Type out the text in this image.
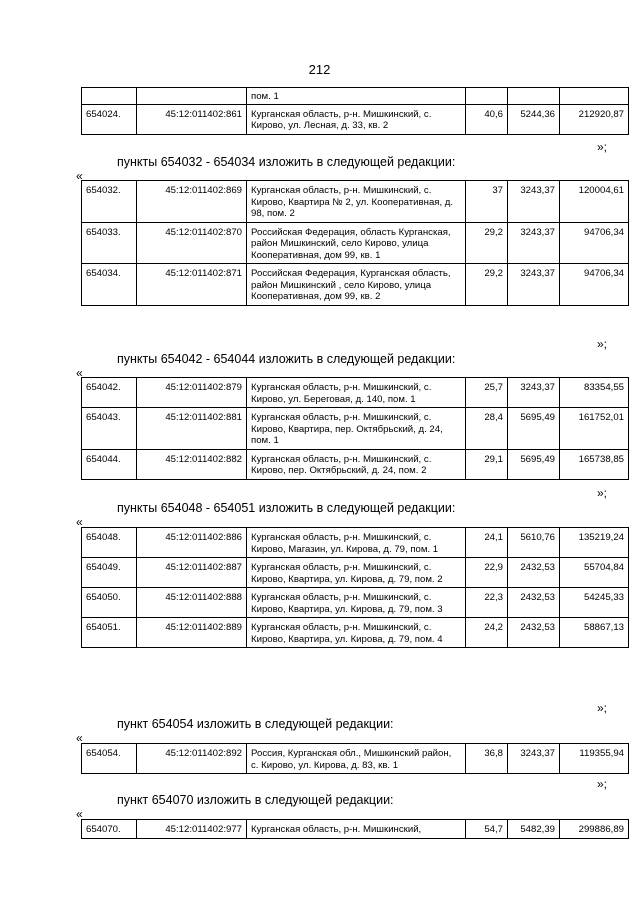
212
		пом. 1			
654024.	45:12:011402:861	Курганская область, р-н. Мишкинский, с. Кирово, ул. Лесная, д. 33, кв. 2	40,6	5244,36	212920,87
»;
пункты 654032 - 654034 изложить в следующей редакции:
«
654032.	45:12:011402:869	Курганская область, р-н. Мишкинский, с. Кирово, Квартира № 2, ул. Кооперативная, д. 98, пом. 2	37	3243,37	120004,61
654033.	45:12:011402:870	Российская Федерация, область Курганская, район Мишкинский, село Кирово, улица Кооперативная, дом 99, кв. 1	29,2	3243,37	94706,34
654034.	45:12:011402:871	Российская Федерация, Курганская область, район Мишкинский , село Кирово, улица Кооперативная, дом 99, кв. 2	29,2	3243,37	94706,34
»;
пункты 654042 - 654044 изложить в следующей редакции:
«
654042.	45:12:011402:879	Курганская область, р-н. Мишкинский, с. Кирово, ул. Береговая, д. 140, пом. 1	25,7	3243,37	83354,55
654043.	45:12:011402:881	Курганская область, р-н. Мишкинский, с. Кирово, Квартира, пер. Октябрьский, д. 24, пом. 1	28,4	5695,49	161752,01
654044.	45:12:011402:882	Курганская область, р-н. Мишкинский, с. Кирово, пер. Октябрьский, д. 24, пом. 2	29,1	5695,49	165738,85
»;
пункты 654048 - 654051 изложить в следующей редакции:
«
654048.	45:12:011402:886	Курганская область, р-н. Мишкинский, с. Кирово, Магазин, ул. Кирова, д. 79, пом. 1	24,1	5610,76	135219,24
654049.	45:12:011402:887	Курганская область, р-н. Мишкинский, с. Кирово, Квартира, ул. Кирова, д. 79, пом. 2	22,9	2432,53	55704,84
654050.	45:12:011402:888	Курганская область, р-н. Мишкинский, с. Кирово, Квартира, ул. Кирова, д. 79, пом. 3	22,3	2432,53	54245,33
654051.	45:12:011402:889	Курганская область, р-н. Мишкинский, с. Кирово, Квартира, ул. Кирова, д. 79, пом. 4	24,2	2432,53	58867,13
»;
пункт 654054 изложить в следующей редакции:
«
654054.	45:12:011402:892	Россия, Курганская обл., Мишкинский район, с. Кирово, ул. Кирова, д. 83, кв. 1	36,8	3243,37	119355,94
»;
пункт 654070 изложить в следующей редакции:
«
654070.	45:12:011402:977	Курганская область, р-н. Мишкинский,	54,7	5482,39	299886,89
